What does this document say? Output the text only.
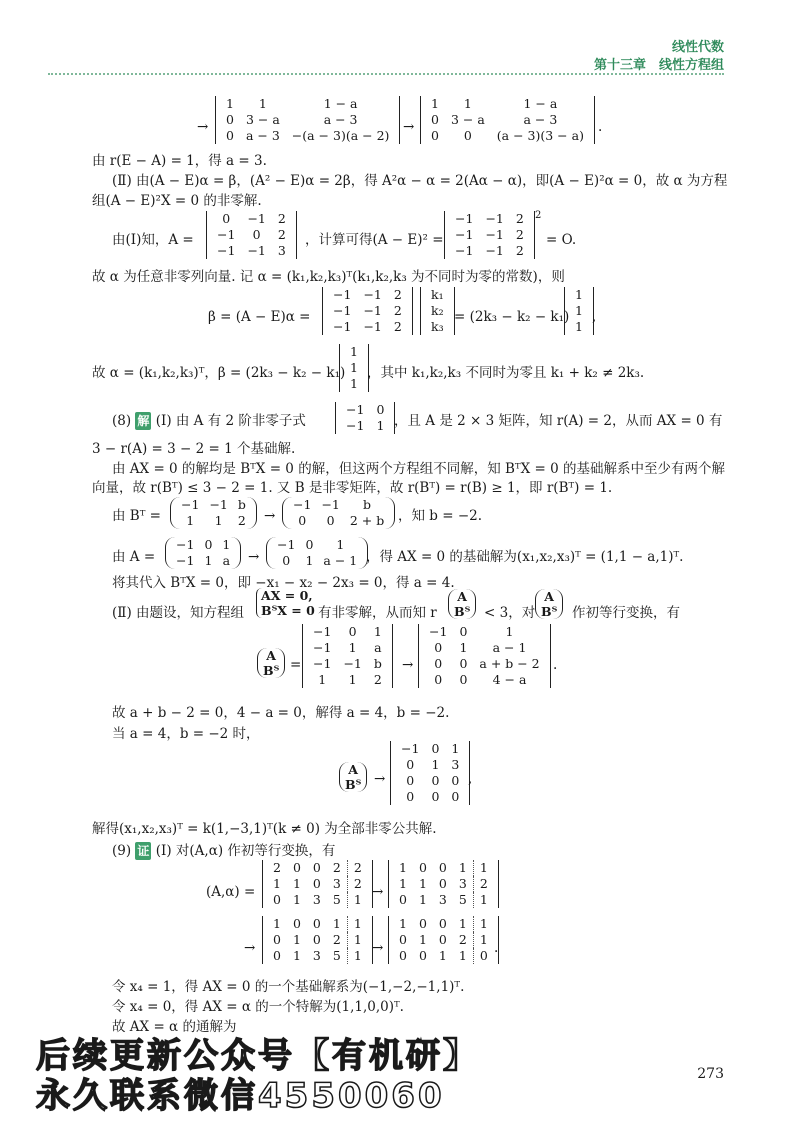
线性代数
第十三章　线性方程组
→
1	1	1 − a
0	3 − a	a − 3
0	a − 3	−(a − 3)(a − 2)
→
1	1	1 − a
0	3 − a	a − 3
0	0	(a − 3)(3 − a)
.
由 r(E − A) = 1，得 a = 3.
(Ⅱ) 由(A − E)α = β，(A² − E)α = 2β，得 A²α − α = 2(Aα − α)，即(A − E)²α = 0，故 α 为方程
组(A − E)²X = 0 的非零解.
由(Ⅰ)知，A =
0	−1	2
−1	0	2
−1	−1	3
，计算可得(A − E)² =
−1	−1	2
−1	−1	2
−1	−1	2
2
= O.
故 α 为任意非零列向量. 记 α = (k₁,k₂,k₃)ᵀ(k₁,k₂,k₃ 为不同时为零的常数)，则
β = (A − E)α =
−1	−1	2
−1	−1	2
−1	−1	2
k₁
k₂
k₃
= (2k₃ − k₂ − k₁)
1
1
1
,
故 α = (k₁,k₂,k₃)ᵀ，β = (2k₃ − k₂ − k₁)
1
1
1
，其中 k₁,k₂,k₃ 不同时为零且 k₁ + k₂ ≠ 2k₃.
(8) 解 (Ⅰ) 由 A 有 2 阶非零子式
−1	0
−1	1 ，且 A 是 2 × 3 矩阵，知 r(A) = 2，从而 AX = 0 有
3 − r(A) = 3 − 2 = 1 个基础解.
由 AX = 0 的解均是 BᵀX = 0 的解，但这两个方程组不同解，知 BᵀX = 0 的基础解系中至少有两个解
向量，故 r(Bᵀ) ≤ 3 − 2 = 1. 又 B 是非零矩阵，故 r(Bᵀ) = r(B) ≥ 1，即 r(Bᵀ) = 1.
由 Bᵀ =
−1	−1	b
1	1	2 →
−1	−1	b
0	0	2 + b ，知 b = −2.
由 A =
−1	0	1
−1	1	a →
−1	0	1
0	1	a − 1 ，得 AX = 0 的基础解为(x₁,x₂,x₃)ᵀ = (1,1 − a,1)ᵀ.
将其代入 BᵀX = 0，即 −x₁ − x₂ − 2x₃ = 0，得 a = 4.
(Ⅱ) 由题设，知方程组
AX = 0,
BᵀX = 0 有非零解，从而知 r
A
Bᵀ < 3，对
A
Bᵀ 作初等行变换，有
A
Bᵀ =
−1	0	1
−1	1	a
−1	−1	b
1	1	2
→
−1	0	1
0	1	a − 1
0	0	a + b − 2
0	0	4 − a
.
故 a + b − 2 = 0，4 − a = 0，解得 a = 4，b = −2.
当 a = 4，b = −2 时，
A
Bᵀ →
−1	0	1
0	1	3
0	0	0
0	0	0
,
解得(x₁,x₂,x₃)ᵀ = k(1,−3,1)ᵀ(k ≠ 0) 为全部非零公共解.
(9) 证 (Ⅰ) 对(A,α) 作初等行变换，有
(A,α) =
2	0	0	2	2
1	1	0	3	2
0	1	3	5	1 →
1	0	0	1	1
1	1	0	3	2
0	1	3	5	1
→
1	0	0	1	1
0	1	0	2	1
0	1	3	5	1 →
1	0	0	1	1
0	1	0	2	1
0	0	1	1	0 .
令 x₄ = 1，得 AX = 0 的一个基础解系为(−1,−2,−1,1)ᵀ.
令 x₄ = 0，得 AX = α 的一个特解为(1,1,0,0)ᵀ.
故 AX = α 的通解为
后续更新公众号【有机研】
永久联系微信4550060
273
